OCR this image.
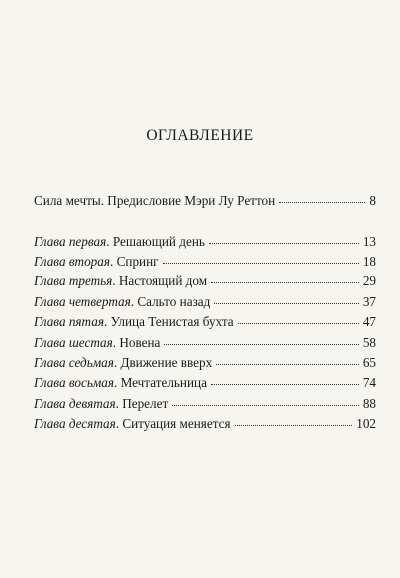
ОГЛАВЛЕНИЕ
Сила мечты. Предисловие Мэри Лу Реттон	8
Глава первая. Решающий день	13
Глава вторая. Спринг	18
Глава третья. Настоящий дом	29
Глава четвертая. Сальто назад	37
Глава пятая. Улица Тенистая бухта	47
Глава шестая. Новена	58
Глава седьмая. Движение вверх	65
Глава восьмая. Мечтательница	74
Глава девятая. Перелет	88
Глава десятая. Ситуация меняется	102
